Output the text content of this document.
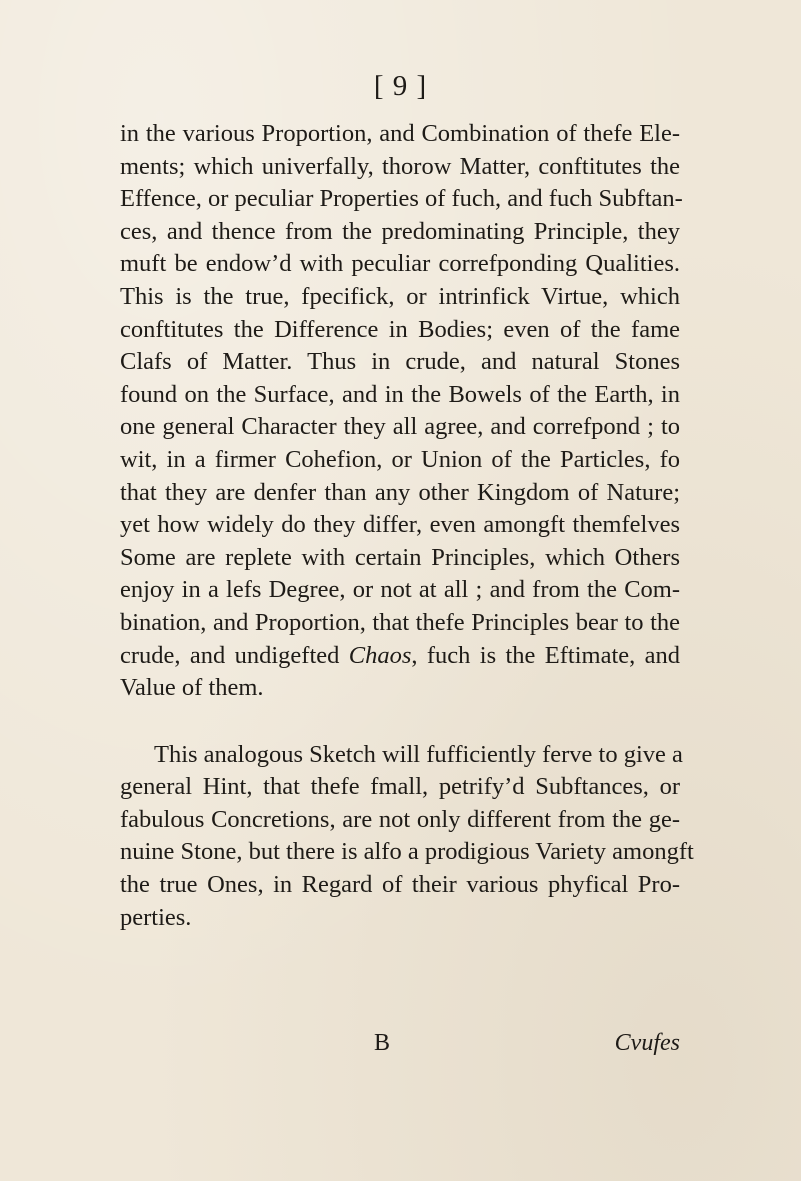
[ 9 ]
in the various Proportion, and Combination of thefe Ele-
ments; which univerfally, thorow Matter, conftitutes the
Effence, or peculiar Properties of fuch, and fuch Subftan-
ces, and thence from the predominating Principle, they
muft be endow’d with peculiar correfponding Qualities.
This is the true, fpecifick, or intrinfick Virtue, which
conftitutes the Difference in Bodies; even of the fame
Clafs of Matter. Thus in crude, and natural Stones
found on the Surface, and in the Bowels of the Earth, in
one general Character they all agree, and correfpond ; to
wit, in a firmer Cohefion, or Union of the Particles, fo
that they are denfer than any other Kingdom of Nature;
yet how widely do they differ, even amongft themfelves
Some are replete with certain Principles, which Others
enjoy in a lefs Degree, or not at all ; and from the Com-
bination, and Proportion, that thefe Principles bear to the
crude, and undigefted Chaos, fuch is the Eftimate, and
Value of them.
This analogous Sketch will fufficiently ferve to give a
general Hint, that thefe fmall, petrify’d Subftances, or
fabulous Concretions, are not only different from the ge-
nuine Stone, but there is alfo a prodigious Variety amongft
the true Ones, in Regard of their various phyfical Pro-
perties.
B	Cvufes
